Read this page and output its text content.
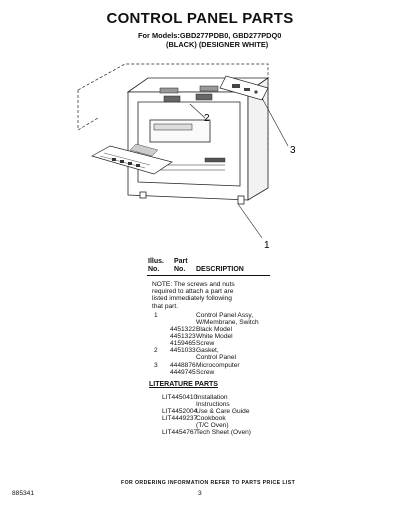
CONTROL PANEL PARTS
For Models:GBD277PDB0, GBD277PDQ0
(BLACK) (DESIGNER WHITE)
2
3
1
Illus.
No.
Part
No. DESCRIPTION
NOTE: The screws and nuts
required to attach a part are
listed immediately following
that part.
1	Control Panel Assy,
W/Membrane, Switch
4451322 Black Model
4451323 White Model
4159465 Screw
2 4451033 Gasket,
Control Panel
3 4448876 Microcomputer
4449745 Screw
LITERATURE PARTS
LIT4450410
Installation
Instructions
LIT4452004
Use & Care Guide
LIT4449237
Cookbook
(T/C Oven)
LIT4454767
Tech Sheet (Oven)
FOR ORDERING INFORMATION REFER TO PARTS PRICE LIST
885341	3
